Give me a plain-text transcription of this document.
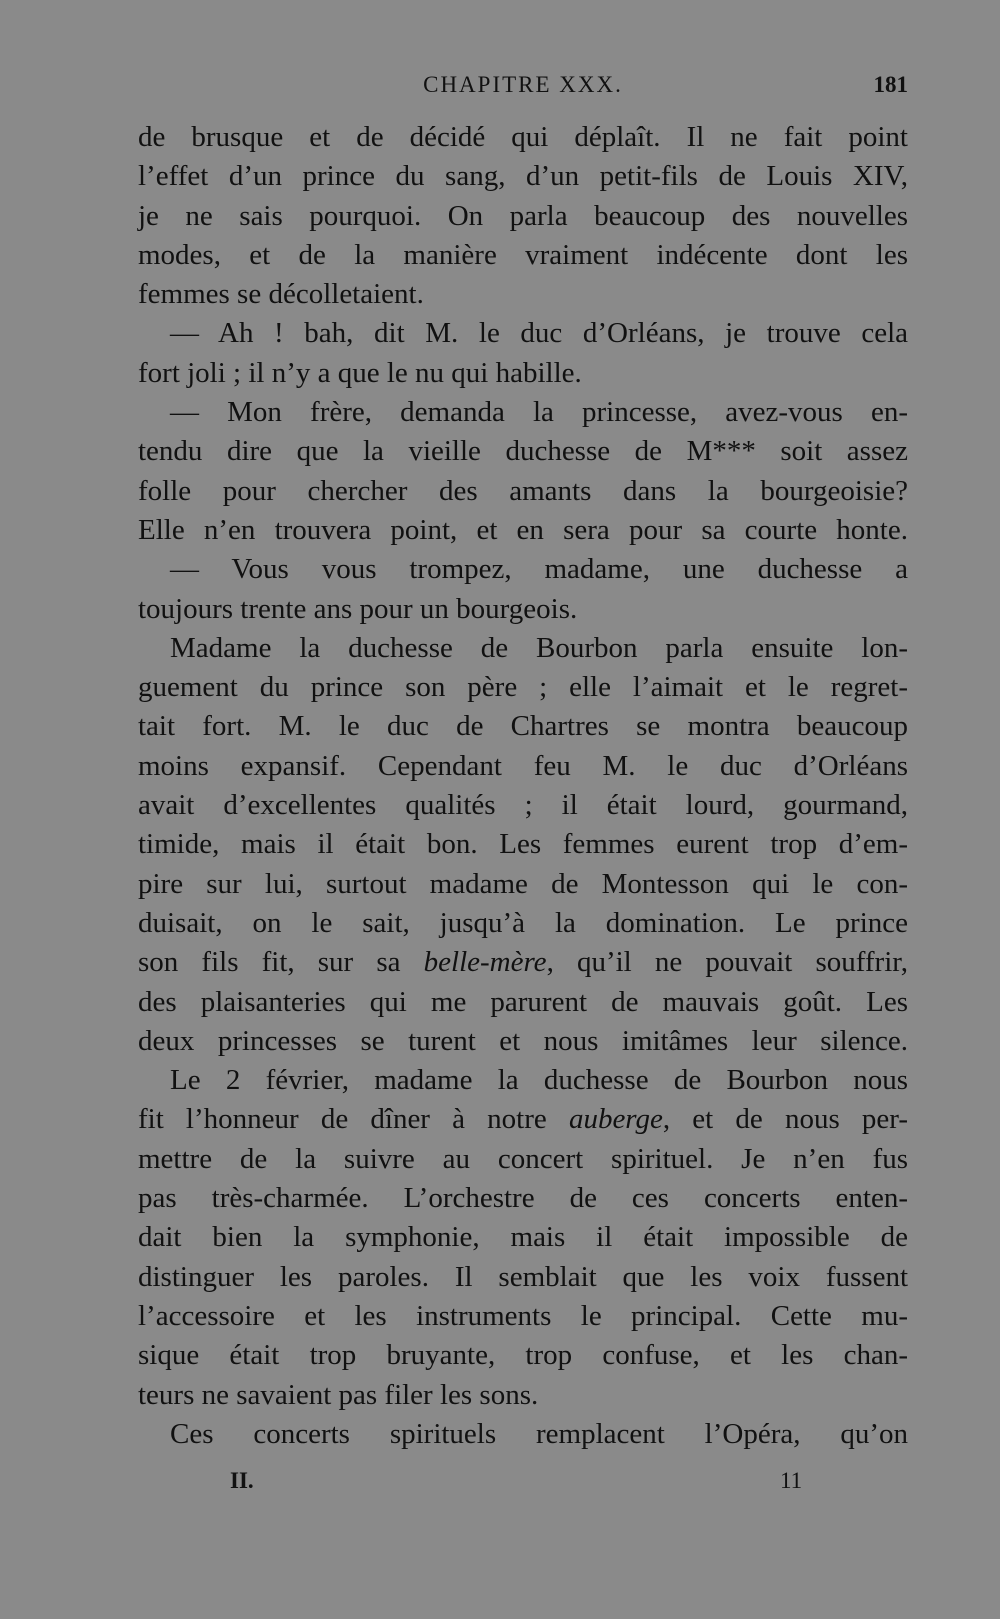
CHAPITRE XXX.	181
de brusque et de décidé qui déplaît. Il ne fait point
l’effet d’un prince du sang, d’un petit-fils de Louis XIV,
je ne sais pourquoi. On parla beaucoup des nouvelles
modes, et de la manière vraiment indécente dont les
femmes se décolletaient.
— Ah ! bah, dit M. le duc d’Orléans, je trouve cela
fort joli ; il n’y a que le nu qui habille.
— Mon frère, demanda la princesse, avez-vous en-
tendu dire que la vieille duchesse de M*** soit assez
folle pour chercher des amants dans la bourgeoisie?
Elle n’en trouvera point, et en sera pour sa courte honte.
— Vous vous trompez, madame, une duchesse a
toujours trente ans pour un bourgeois.
Madame la duchesse de Bourbon parla ensuite lon-
guement du prince son père ; elle l’aimait et le regret-
tait fort. M. le duc de Chartres se montra beaucoup
moins expansif. Cependant feu M. le duc d’Orléans
avait d’excellentes qualités ; il était lourd, gourmand,
timide, mais il était bon. Les femmes eurent trop d’em-
pire sur lui, surtout madame de Montesson qui le con-
duisait, on le sait, jusqu’à la domination. Le prince
son fils fit, sur sa belle-mère, qu’il ne pouvait souffrir,
des plaisanteries qui me parurent de mauvais goût. Les
deux princesses se turent et nous imitâmes leur silence.
Le 2 février, madame la duchesse de Bourbon nous
fit l’honneur de dîner à notre auberge, et de nous per-
mettre de la suivre au concert spirituel. Je n’en fus
pas très-charmée. L’orchestre de ces concerts enten-
dait bien la symphonie, mais il était impossible de
distinguer les paroles. Il semblait que les voix fussent
l’accessoire et les instruments le principal. Cette mu-
sique était trop bruyante, trop confuse, et les chan-
teurs ne savaient pas filer les sons.
Ces concerts spirituels remplacent l’Opéra, qu’on
II.	11
